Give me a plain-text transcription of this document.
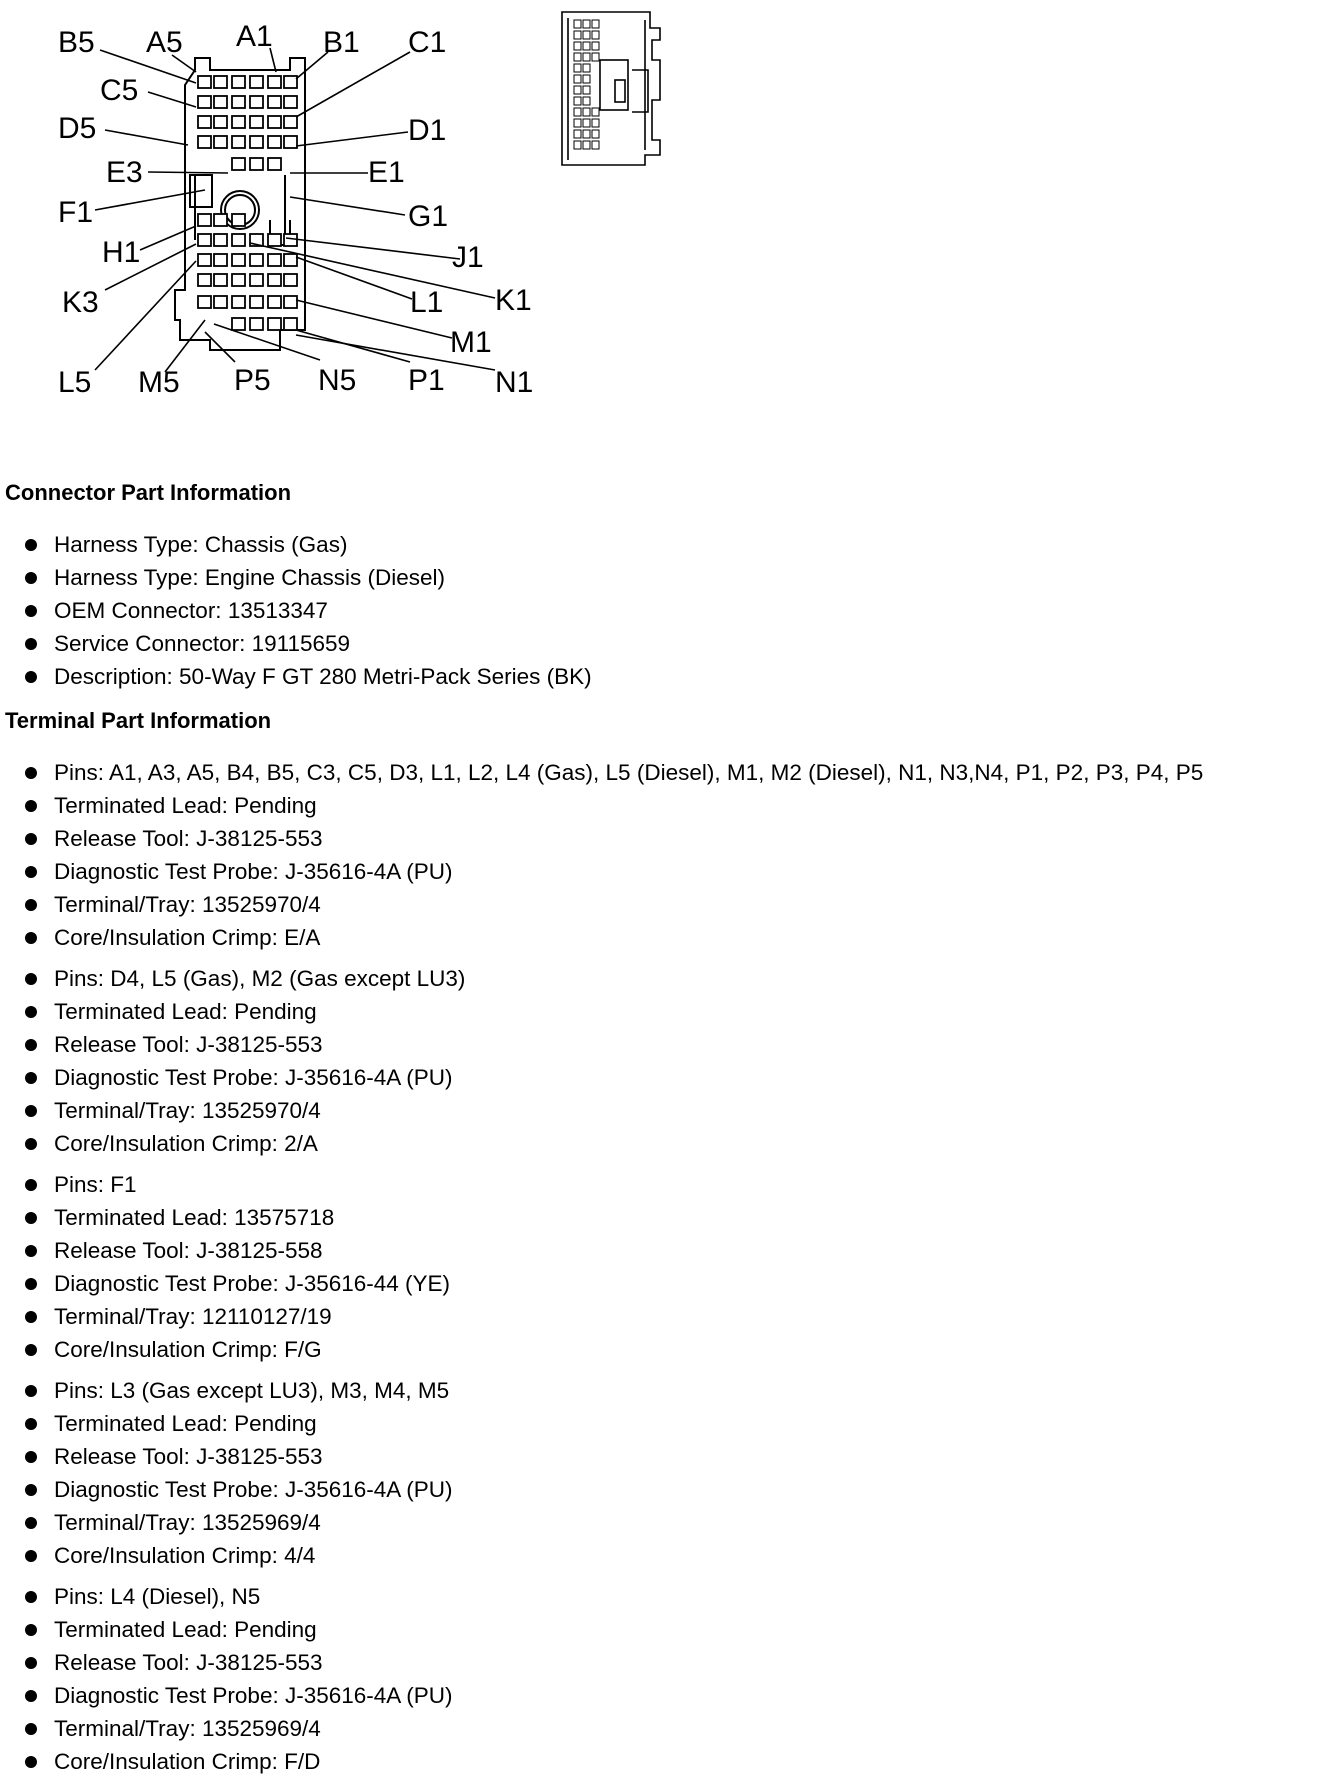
B5 A5 A1 B1 C1
C5
D5	D1
E3	E1
F1	G1
H1	J1
K1
K3	L1
M1
L5 M5 P5 N5 P1 N1
Connector Part Information
Harness Type: Chassis (Gas)
Harness Type: Engine Chassis (Diesel)
OEM Connector: 13513347
Service Connector: 19115659
Description: 50-Way F GT 280 Metri-Pack Series (BK)
Terminal Part Information
Pins: A1, A3, A5, B4, B5, C3, C5, D3, L1, L2, L4 (Gas), L5 (Diesel), M1, M2 (Diesel), N1, N3,N4, P1, P2, P3, P4, P5
Terminated Lead: Pending
Release Tool: J-38125-553
Diagnostic Test Probe: J-35616-4A (PU)
Terminal/Tray: 13525970/4
Core/Insulation Crimp: E/A
Pins: D4, L5 (Gas), M2 (Gas except LU3)
Terminated Lead: Pending
Release Tool: J-38125-553
Diagnostic Test Probe: J-35616-4A (PU)
Terminal/Tray: 13525970/4
Core/Insulation Crimp: 2/A
Pins: F1
Terminated Lead: 13575718
Release Tool: J-38125-558
Diagnostic Test Probe: J-35616-44 (YE)
Terminal/Tray: 12110127/19
Core/Insulation Crimp: F/G
Pins: L3 (Gas except LU3), M3, M4, M5
Terminated Lead: Pending
Release Tool: J-38125-553
Diagnostic Test Probe: J-35616-4A (PU)
Terminal/Tray: 13525969/4
Core/Insulation Crimp: 4/4
Pins: L4 (Diesel), N5
Terminated Lead: Pending
Release Tool: J-38125-553
Diagnostic Test Probe: J-35616-4A (PU)
Terminal/Tray: 13525969/4
Core/Insulation Crimp: F/D
